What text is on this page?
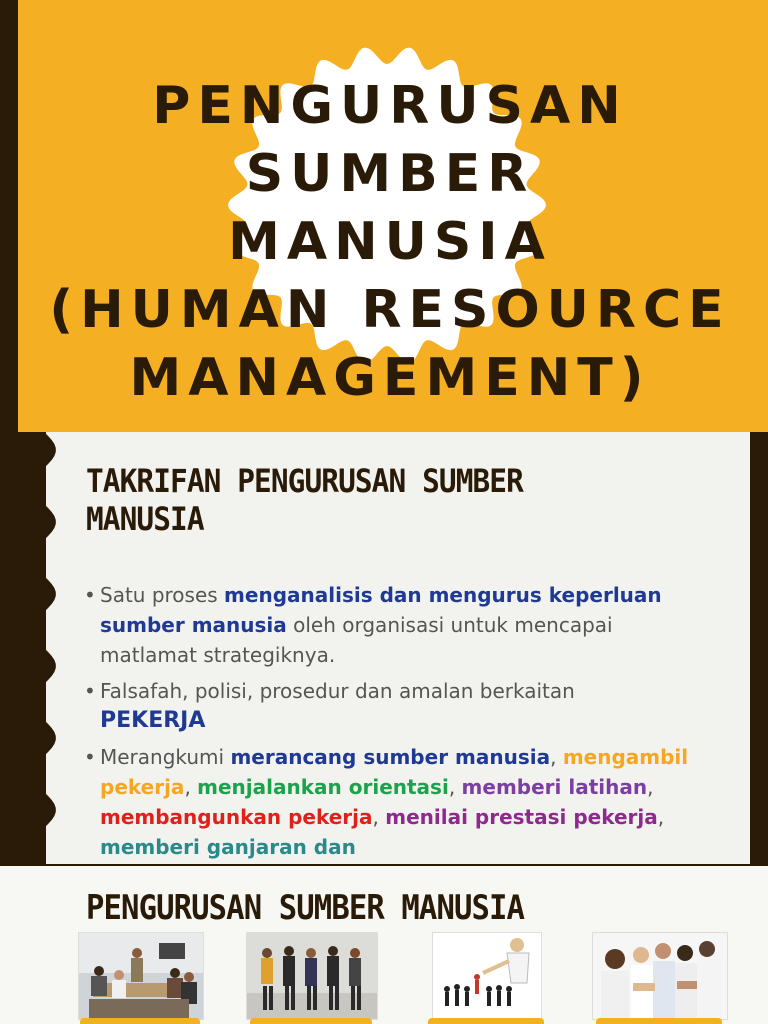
PENGURUSAN SUMBER
MANUSIA
(HUMAN RESOURCE
MANAGEMENT)
TAKRIFAN PENGURUSAN SUMBER
MANUSIA
• Satu proses menganalisis dan mengurus keperluan sumber manusia oleh organisasi untuk mencapai matlamat strategiknya.
• Falsafah, polisi, prosedur dan amalan berkaitan
PEKERJA
• Merangkumi merancang sumber manusia, mengambil pekerja, menjalankan orientasi, memberi latihan, membangunkan pekerja, menilai prestasi pekerja, memberi ganjaran dan
PENGURUSAN SUMBER MANUSIA
